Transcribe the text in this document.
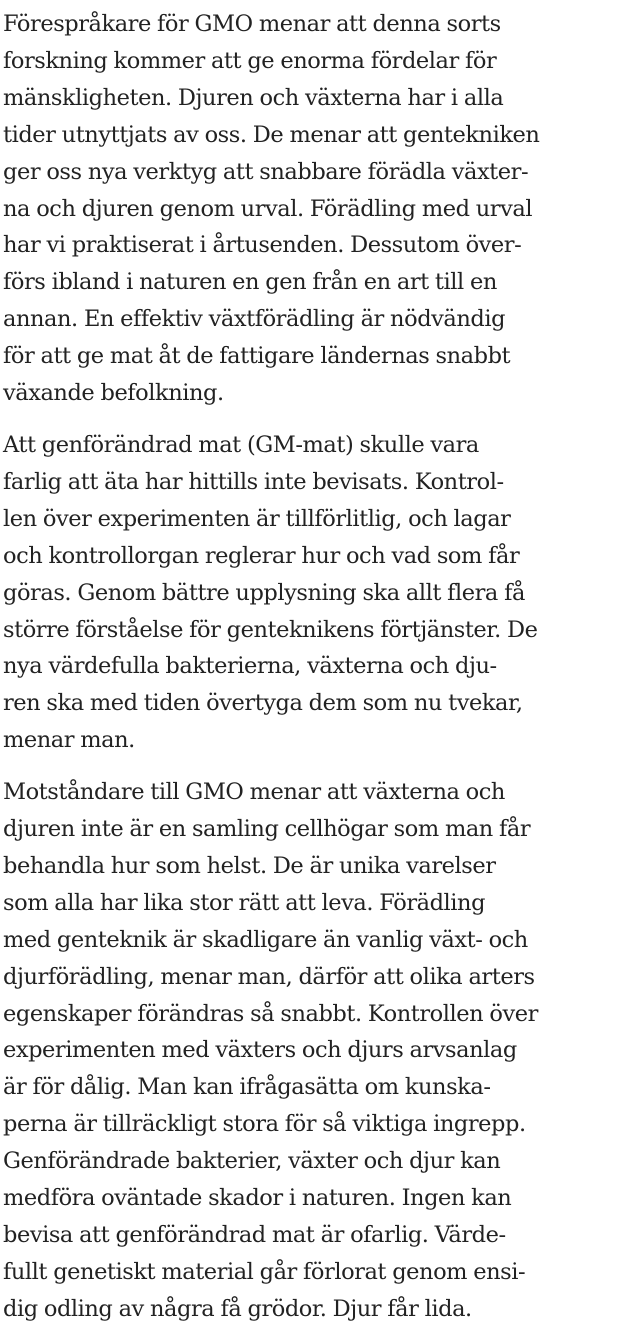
Förespråkare för GMO menar att denna sorts
forskning kommer att ge enorma fördelar för
mänskligheten. Djuren och växterna har i alla
tider utnyttjats av oss. De menar att gentekniken
ger oss nya verktyg att snabbare förädla växter-
na och djuren genom urval. Förädling med urval
har vi praktiserat i årtusenden. Dessutom över-
förs ibland i naturen en gen från en art till en
annan. En effektiv växtförädling är nödvändig
för att ge mat åt de fattigare ländernas snabbt
växande befolkning.

Att genförändrad mat (GM-mat) skulle vara
farlig att äta har hittills inte bevisats. Kontrol-
len över experimenten är tillförlitlig, och lagar
och kontrollorgan reglerar hur och vad som får
göras. Genom bättre upplysning ska allt flera få
större förståelse för genteknikens förtjänster. De
nya värdefulla bakterierna, växterna och dju-
ren ska med tiden övertyga dem som nu tvekar,
menar man.

Motståndare till GMO menar att växterna och
djuren inte är en samling cellhögar som man får
behandla hur som helst. De är unika varelser
som alla har lika stor rätt att leva. Förädling
med genteknik är skadligare än vanlig växt- och
djurförädling, menar man, därför att olika arters
egenskaper förändras så snabbt. Kontrollen över
experimenten med växters och djurs arvsanlag
är för dålig. Man kan ifrågasätta om kunska-
perna är tillräckligt stora för så viktiga ingrepp.
Genförändrade bakterier, växter och djur kan
medföra oväntade skador i naturen. Ingen kan
bevisa att genförändrad mat är ofarlig. Värde-
fullt genetiskt material går förlorat genom ensi-
dig odling av några få grödor. Djur får lida.
